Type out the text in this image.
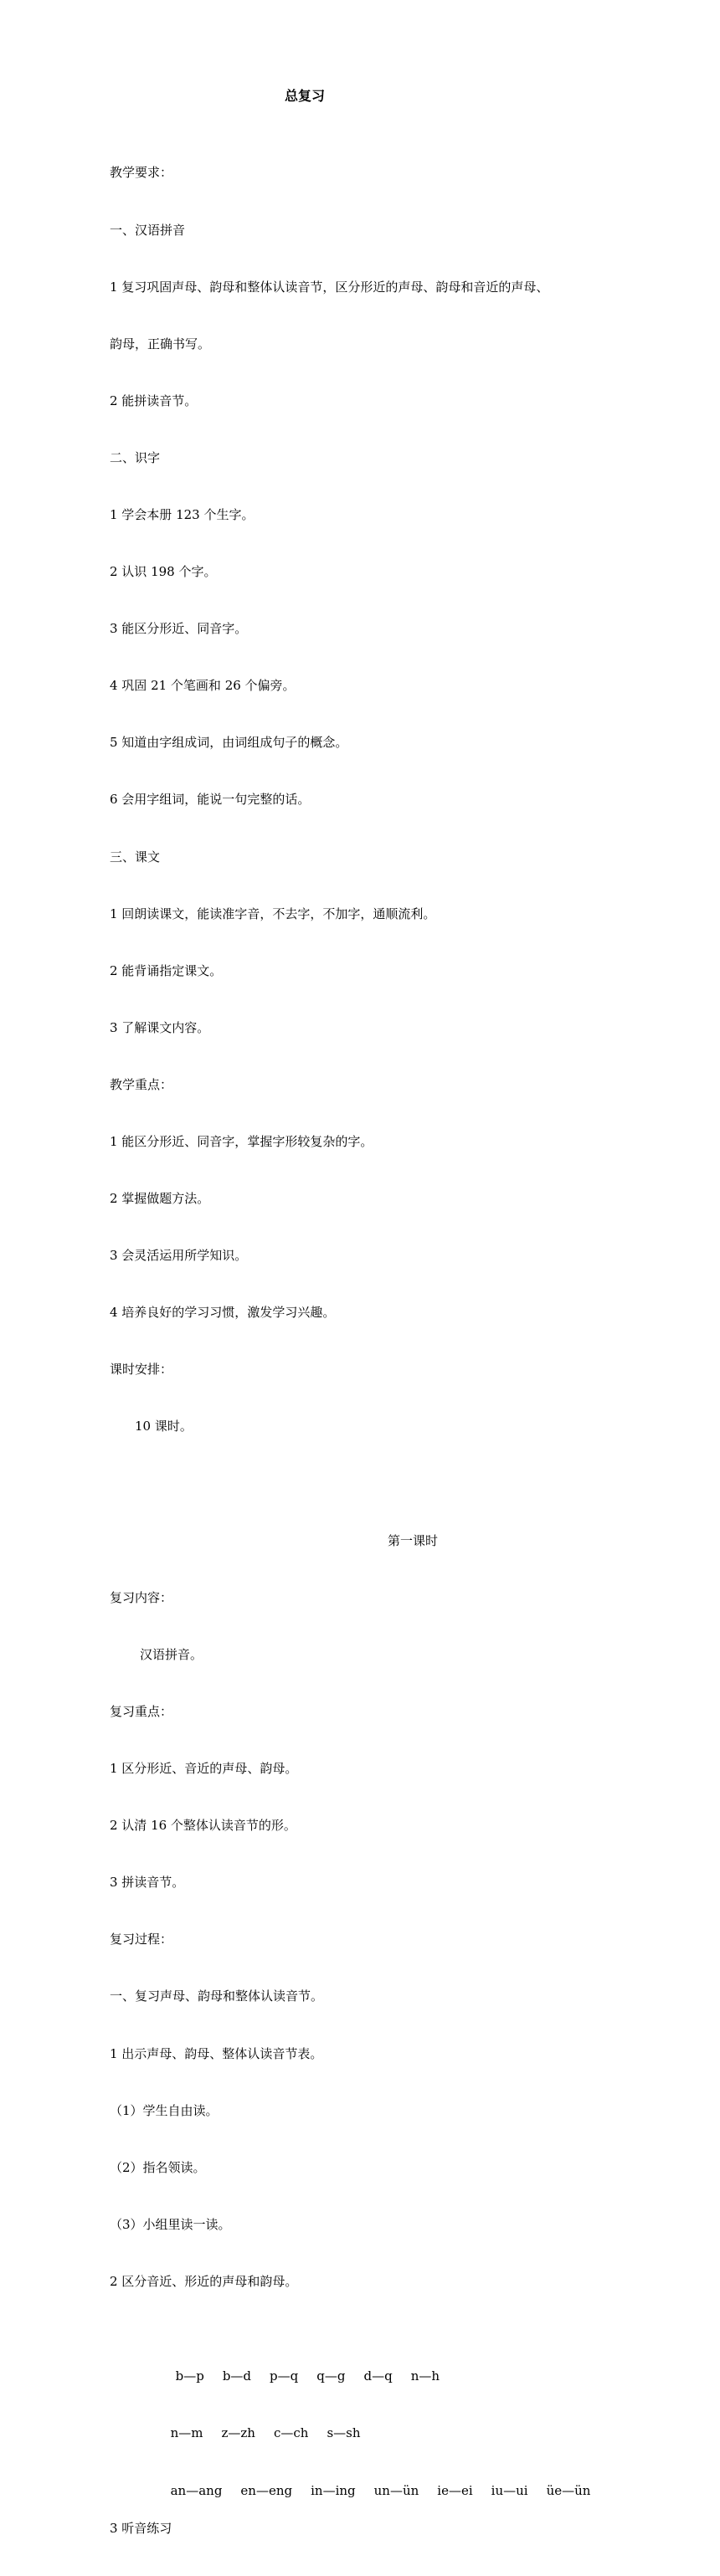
总复习

教学要求：

一、汉语拼音

1 复习巩固声母、韵母和整体认读音节，区分形近的声母、韵母和音近的声母、

韵母，正确书写。

2 能拼读音节。

二、识字

1 学会本册 123 个生字。

2 认识 198 个字。

3 能区分形近、同音字。

4 巩固 21 个笔画和 26 个偏旁。

5 知道由字组成词，由词组成句子的概念。

6 会用字组词，能说一句完整的话。

三、课文

1 回朗读课文，能读准字音，不去字，不加字，通顺流利。

2 能背诵指定课文。

3 了解课文内容。

教学重点：

1 能区分形近、同音字，掌握字形较复杂的字。

2 掌握做题方法。

3 会灵活运用所学知识。

4 培养良好的学习习惯，激发学习兴趣。

课时安排：

10 课时。

第一课时

复习内容：

汉语拼音。

复习重点：

1 区分形近、音近的声母、韵母。

2 认清 16 个整体认读音节的形。

3 拼读音节。

复习过程：

一、复习声母、韵母和整体认读音节。

1 出示声母、韵母、整体认读音节表。

（1）学生自由读。

（2）指名领读。

（3）小组里读一读。

2 区分音近、形近的声母和韵母。

b—p b—d p—q q—g d—q n—h

n—m z—zh c—ch s—sh

an—ang en—eng in—ing un—ün ie—ei iu—ui üe—ün

3 听音练习
